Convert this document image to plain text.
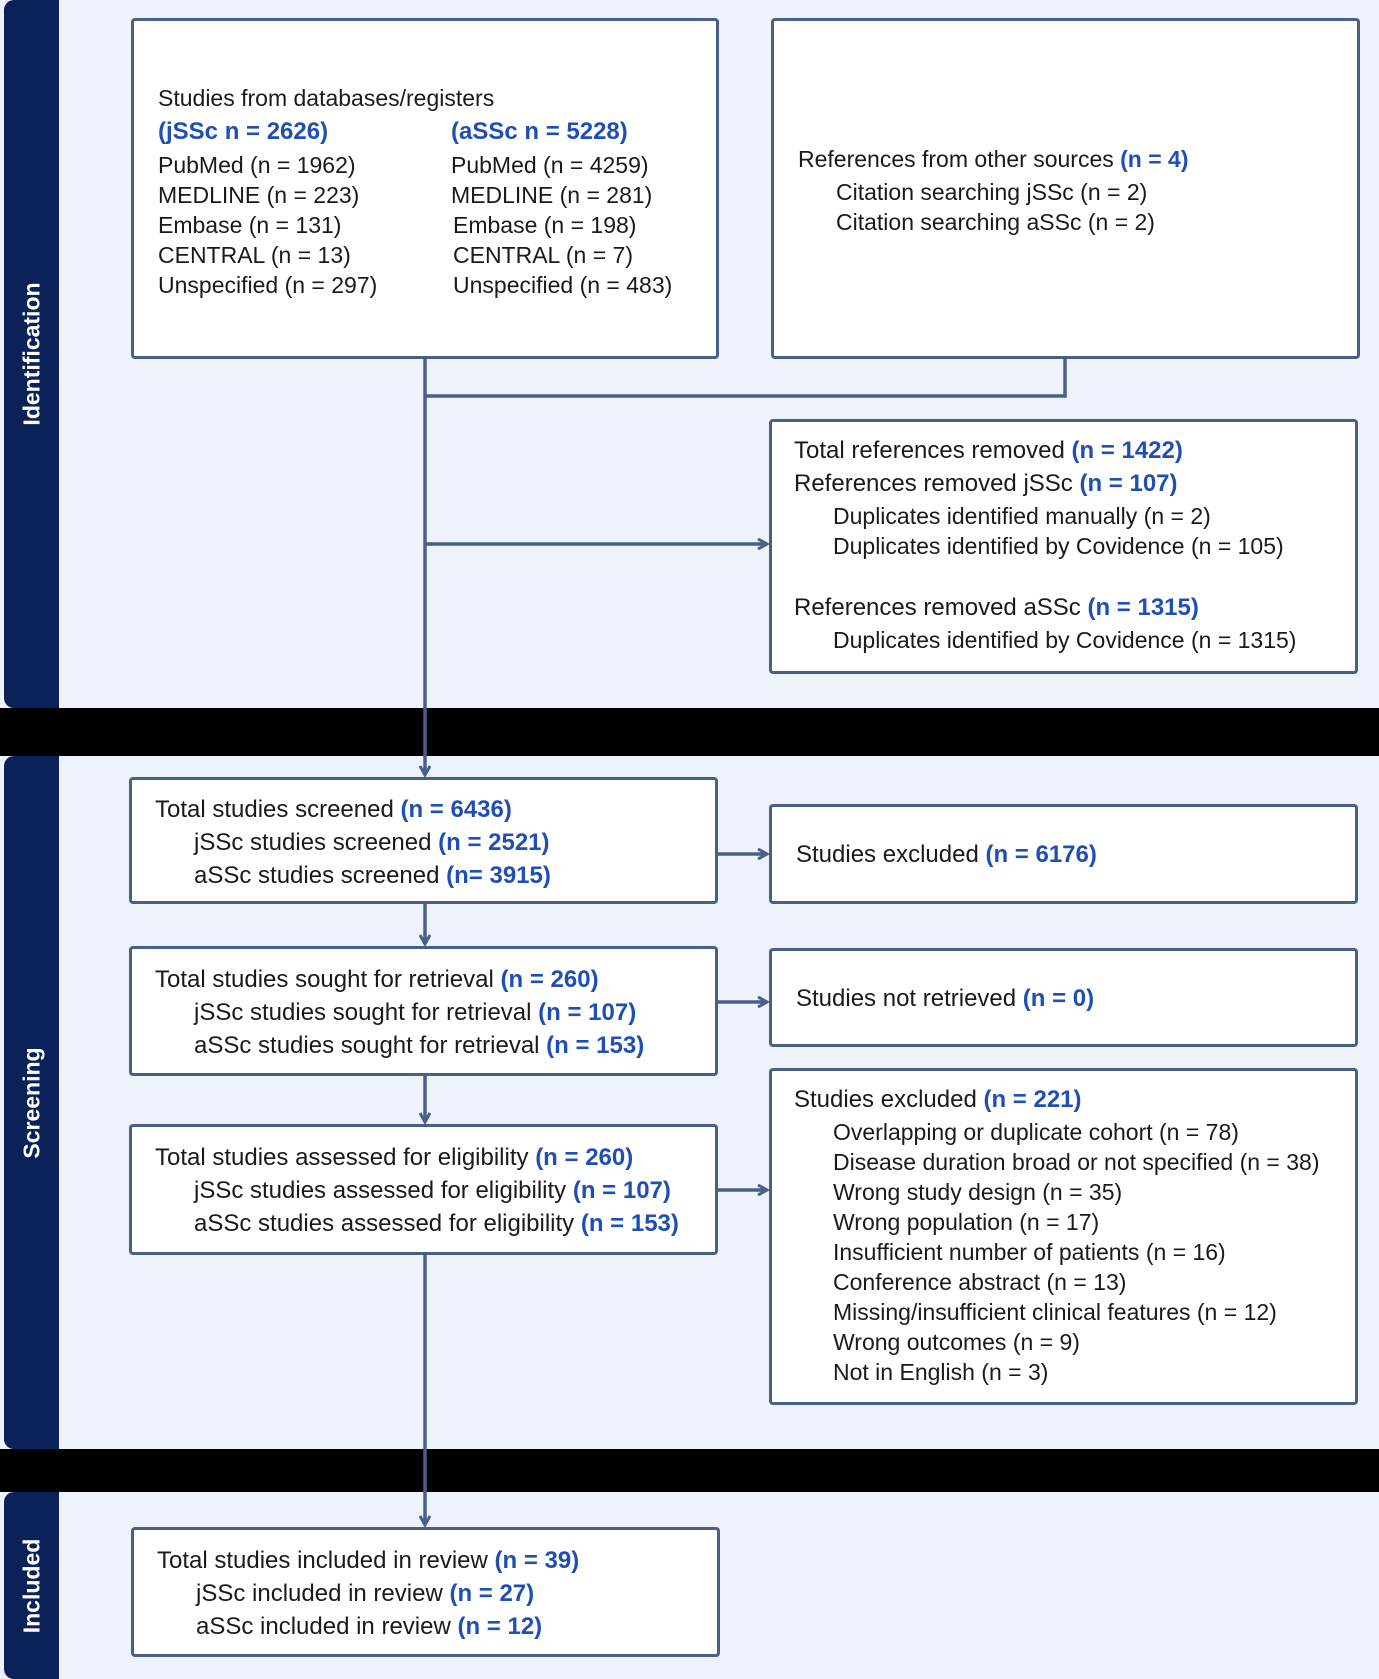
Identification
Screening
Included
Studies from databases/registers
(jSSc n = 2626)	(aSSc n = 5228)
PubMed (n = 1962)
MEDLINE (n = 223)
Embase (n = 131)
CENTRAL (n = 13)
Unspecified (n = 297)
PubMed (n = 4259)
MEDLINE (n = 281)
Embase (n = 198)
CENTRAL (n = 7)
Unspecified (n = 483)
References from other sources (n = 4)
Citation searching jSSc (n = 2)
Citation searching aSSc (n = 2)
Total references removed (n = 1422)
References removed jSSc (n = 107)
Duplicates identified manually (n = 2)
Duplicates identified by Covidence (n = 105)
References removed aSSc (n = 1315)
Duplicates identified by Covidence (n = 1315)
Total studies screened (n = 6436)
jSSc studies screened (n = 2521)
aSSc studies screened (n= 3915)
Studies excluded (n = 6176)
Total studies sought for retrieval (n = 260)
jSSc studies sought for retrieval (n = 107)
aSSc studies sought for retrieval (n = 153)
Studies not retrieved (n = 0)
Total studies assessed for eligibility (n = 260)
jSSc studies assessed for eligibility (n = 107)
aSSc studies assessed for eligibility (n = 153)
Studies excluded (n = 221)
Overlapping or duplicate cohort (n = 78)
Disease duration broad or not specified (n = 38)
Wrong study design (n = 35)
Wrong population (n = 17)
Insufficient number of patients (n = 16)
Conference abstract (n = 13)
Missing/insufficient clinical features (n = 12)
Wrong outcomes (n = 9)
Not in English (n = 3)
Total studies included in review (n = 39)
jSSc included in review (n = 27)
aSSc included in review (n = 12)
